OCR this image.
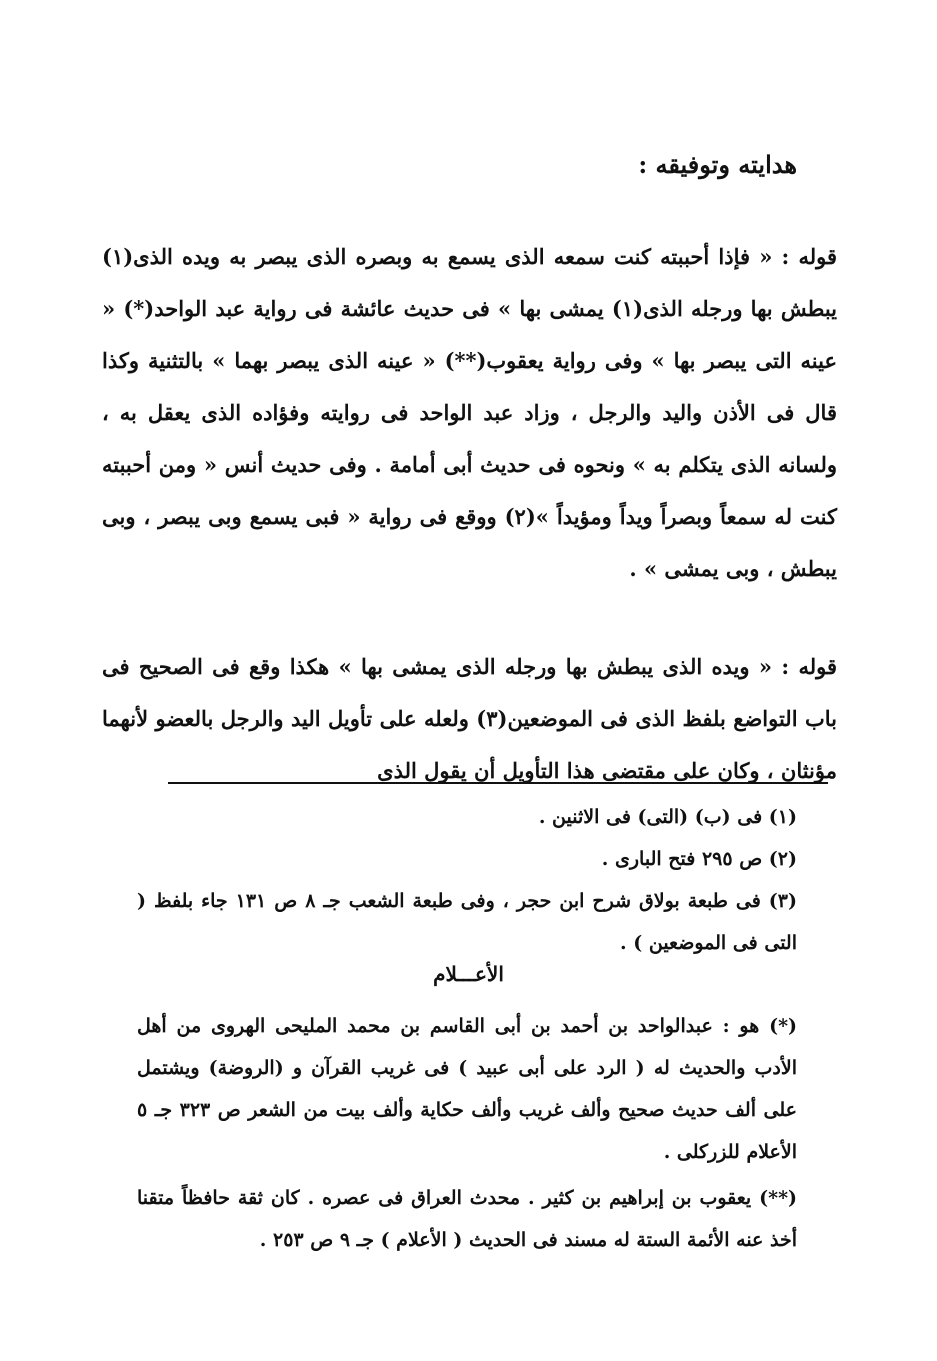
هدايته وتوفيقه :

قوله : « فإذا أحببته كنت سمعه الذى يسمع به وبصره الذى يبصر به ويده الذى(١) يبطش بها ورجله الذى(١) يمشى بها » فى حديث عائشة فى رواية عبد الواحد(*) « عينه التى يبصر بها » وفى رواية يعقوب(**) « عينه الذى يبصر بهما » بالتثنية وكذا قال فى الأذن واليد والرجل ، وزاد عبد الواحد فى روايته وفؤاده الذى يعقل به ، ولسانه الذى يتكلم به » ونحوه فى حديث أبى أمامة . وفى حديث أنس « ومن أحببته كنت له سمعاً وبصراً ويداً ومؤيداً »(٢) ووقع فى رواية « فبى يسمع وبى يبصر ، وبى يبطش ، وبى يمشى » .

قوله : « ويده الذى يبطش بها ورجله الذى يمشى بها » هكذا وقع فى الصحيح فى باب التواضع بلفظ الذى فى الموضعين(٣) ولعله على تأويل اليد والرجل بالعضو لأنهما مؤنثان ، وكان على مقتضى هذا التأويل أن يقول الذى

(١) فى (ب) (التى) فى الاثنين .

(٢) ص ٢٩٥ فتح البارى .

(٣) فى طبعة بولاق شرح ابن حجر ، وفى طبعة الشعب جـ ٨ ص ١٣١ جاء بلفظ ( التى فى الموضعين ) .

الأعـــلام

(*) هو : عبدالواحد بن أحمد بن أبى القاسم بن محمد المليحى الهروى من أهل الأدب والحديث له ( الرد على أبى عبيد ) فى غريب القرآن و (الروضة) ويشتمل على ألف حديث صحيح وألف غريب وألف حكاية وألف بيت من الشعر ص ٣٢٣ جـ ٥ الأعلام للزركلى .

(**) يعقوب بن إبراهيم بن كثير . محدث العراق فى عصره . كان ثقة حافظاً متقنا أخذ عنه الأئمة الستة له مسند فى الحديث ( الأعلام ) جـ ٩ ص ٢٥٣ .
